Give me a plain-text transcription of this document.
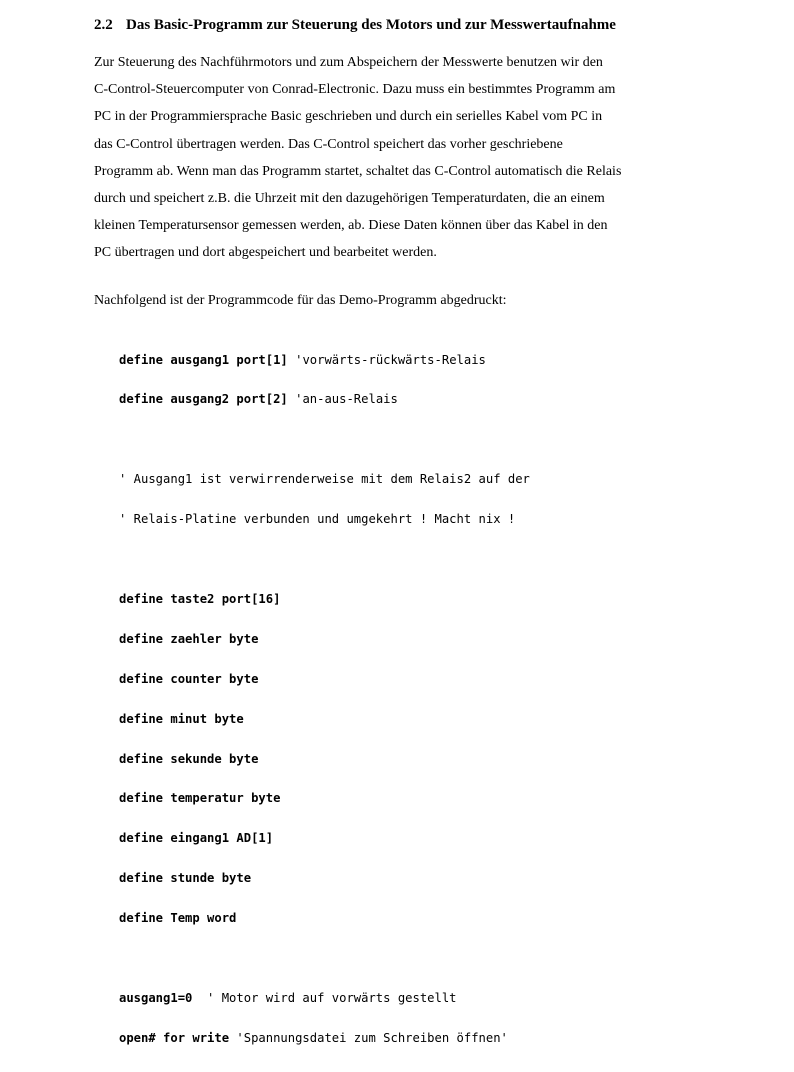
2.2 Das Basic-Programm zur Steuerung des Motors und zur Messwertaufnahme
Zur Steuerung des Nachführmotors und zum Abspeichern der Messwerte benutzen wir den
C-Control-Steuercomputer von Conrad-Electronic. Dazu muss ein bestimmtes Programm am
PC in der Programmiersprache Basic geschrieben und durch ein serielles Kabel vom PC in
das C-Control übertragen werden. Das C-Control speichert das vorher geschriebene
Programm ab. Wenn man das Programm startet, schaltet das C-Control automatisch die Relais
durch und speichert z.B. die Uhrzeit mit den dazugehörigen Temperaturdaten, die an einem
kleinen Temperatursensor gemessen werden, ab. Diese Daten können über das Kabel in den
PC übertragen und dort abgespeichert und bearbeitet werden.
Nachfolgend ist der Programmcode für das Demo-Programm abgedruckt:

define ausgang1 port[1] 'vorwärts-rückwärts-Relais

define ausgang2 port[2] 'an-aus-Relais

' Ausgang1 ist verwirrenderweise mit dem Relais2 auf der

' Relais-Platine verbunden und umgekehrt ! Macht nix !

define taste2 port[16]

define zaehler byte

define counter byte

define minut byte

define sekunde byte

define temperatur byte

define eingang1 AD[1]

define stunde byte

define Temp word

ausgang1=0  ' Motor wird auf vorwärts gestellt

open# for write 'Spannungsdatei zum Schreiben öffnen'
